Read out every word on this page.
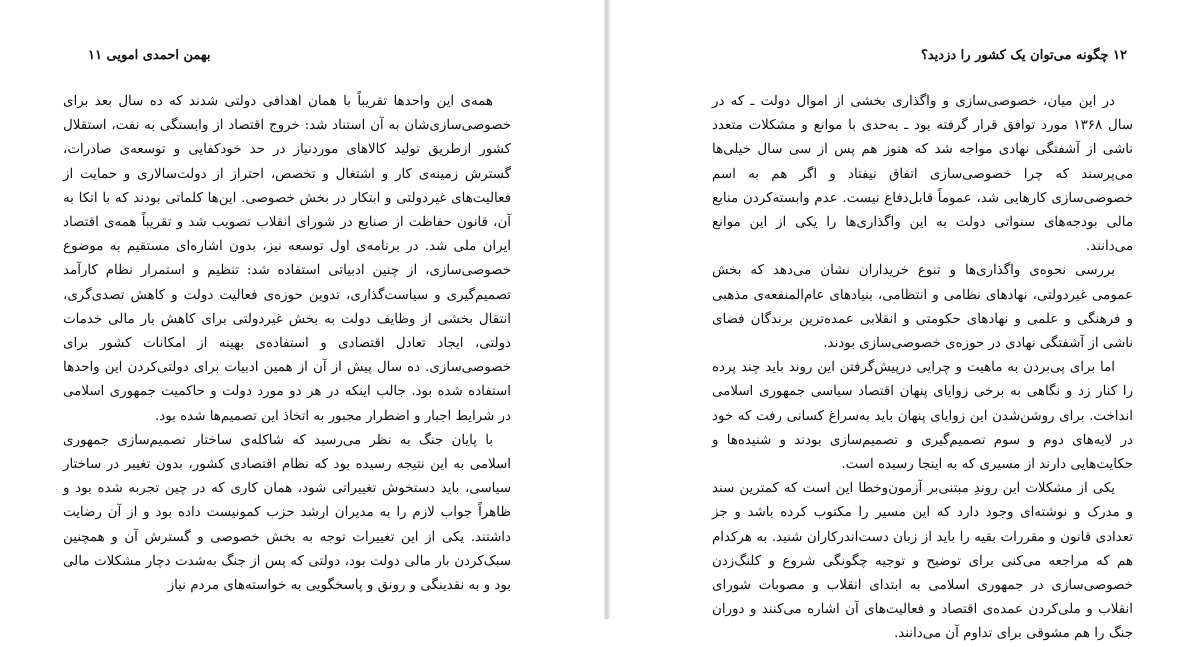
بهمن احمدی امویی ۱۱

همه‌ی این واحدها تقریباً با همان اهدافی دولتی شدند که ده سال بعد برای خصوصی‌سازی‌شان به آن استناد شد: خروج اقتصاد از وابستگی به نفت، استقلال کشور ازطریق تولید کالاهای موردنیاز در حد خودکفایی و توسعه‌ی صادرات، گسترش زمینه‌ی کار و اشتغال و تخصص، احتراز از دولت‌سالاری و حمایت از فعالیت‌های غیردولتی و ابتکار در بخش خصوصی. این‌ها کلماتی بودند که با اتکا به آن، قانون حفاظت از صنایع در شورای انقلاب تصویب شد و تقریباً همه‌ی اقتصاد ایران ملی شد. در برنامه‌ی اول توسعه نیز، بدون اشاره‌ای مستقیم به موضوع خصوصی‌سازی، از چنین ادبیاتی استفاده شد: تنظیم و استمرار نظام کارآمد تصمیم‌گیری و سیاست‌گذاری، تدوین حوزه‌ی فعالیت دولت و کاهش تصدی‌گری، انتقال بخشی از وظایف دولت به بخش غیردولتی برای کاهش بار مالی خدمات دولتی، ایجاد تعادل اقتصادی و استفاده‌ی بهینه از امکانات کشور برای خصوصی‌سازی. ده سال پیش از آن از همین ادبیات برای دولتی‌کردن این واحدها استفاده شده بود. جالب اینکه در هر دو مورد دولت و حاکمیت جمهوری اسلامی در شرایط اجبار و اضطرار مجبور به اتخاذ این تصمیم‌ها شده بود.

با پایان جنگ به نظر می‌رسید که شاکله‌ی ساختار تصمیم‌سازی جمهوری اسلامی به این نتیجه رسیده بود که نظام اقتصادی کشور، بدون تغییر در ساختار سیاسی، باید دستخوش تغییراتی شود، همان کاری که در چین تجربه شده بود و ظاهراً جواب لازم را به مدیران ارشد حزب کمونیست داده بود و از آن رضایت داشتند. یکی از این تغییرات توجه به بخش خصوصی و گسترش آن و همچنین سبک‌کردن بار مالی دولت بود، دولتی که پس از جنگ به‌شدت دچار مشکلات مالی بود و به نقدینگی و رونق و پاسخگویی به خواسته‌های مردم نیاز

۱۲ چگونه می‌توان یک کشور را دزدید؟

در این میان، خصوصی‌سازی و واگذاری بخشی از اموال دولت ـ که در سال ۱۳۶۸ مورد توافق قرار گرفته بود ـ به‌حدی با موانع و مشکلات متعدد ناشی از آشفتگی نهادی مواجه شد که هنوز هم پس از سی سال خیلی‌ها می‌پرسند که چرا خصوصی‌سازی اتفاق نیفتاد و اگر هم به اسم خصوصی‌سازی کارهایی شد، عموماً قابل‌دفاع نیست. عدم وابسته‌کردن منابع مالی بودجه‌های سنواتی دولت به این واگذاری‌ها را یکی از این موانع می‌دانند.

بررسی نحوه‌ی واگذاری‌ها و تنوع خریداران نشان می‌دهد که بخش عمومی غیردولتی، نهادهای نظامی و انتظامی، بنیادهای عام‌المنفعه‌ی مذهبی و فرهنگی و علمی و نهادهای حکومتی و انقلابی عمده‌ترین برندگان فضای ناشی از آشفتگی نهادی در حوزه‌ی خصوصی‌سازی بودند.

اما برای پی‌بردن به ماهیت و چرایی درپیش‌گرفتن این روند باید چند پرده را کنار زد و نگاهی به برخی زوایای پنهان اقتصاد سیاسی جمهوری اسلامی انداخت. برای روشن‌شدن این زوایای پنهان باید به‌سراغ کسانی رفت که خود در لایه‌های دوم و سوم تصمیم‌گیری و تصمیم‌سازی بودند و شنیده‌ها و حکایت‌هایی دارند از مسیری که به اینجا رسیده است.

یکی از مشکلات این روندِ مبتنی‌بر آزمون‌وخطا این است که کمترین سند و مدرک و نوشته‌ای وجود دارد که این مسیر را مکتوب کرده باشد و جز تعدادی قانون و مقررات بقیه را باید از زبان دست‌اندرکاران شنید. به هرکدام هم که مراجعه می‌کنی برای توضیح و توجیه چگونگی شروع و کلنگ‌زدن خصوصی‌سازی در جمهوری اسلامی به ابتدای انقلاب و مصوبات شورای انقلاب و ملی‌کردن عمده‌ی اقتصاد و فعالیت‌های آن اشاره می‌کنند و دوران جنگ را هم مشوقی برای تداوم آن می‌دانند.
